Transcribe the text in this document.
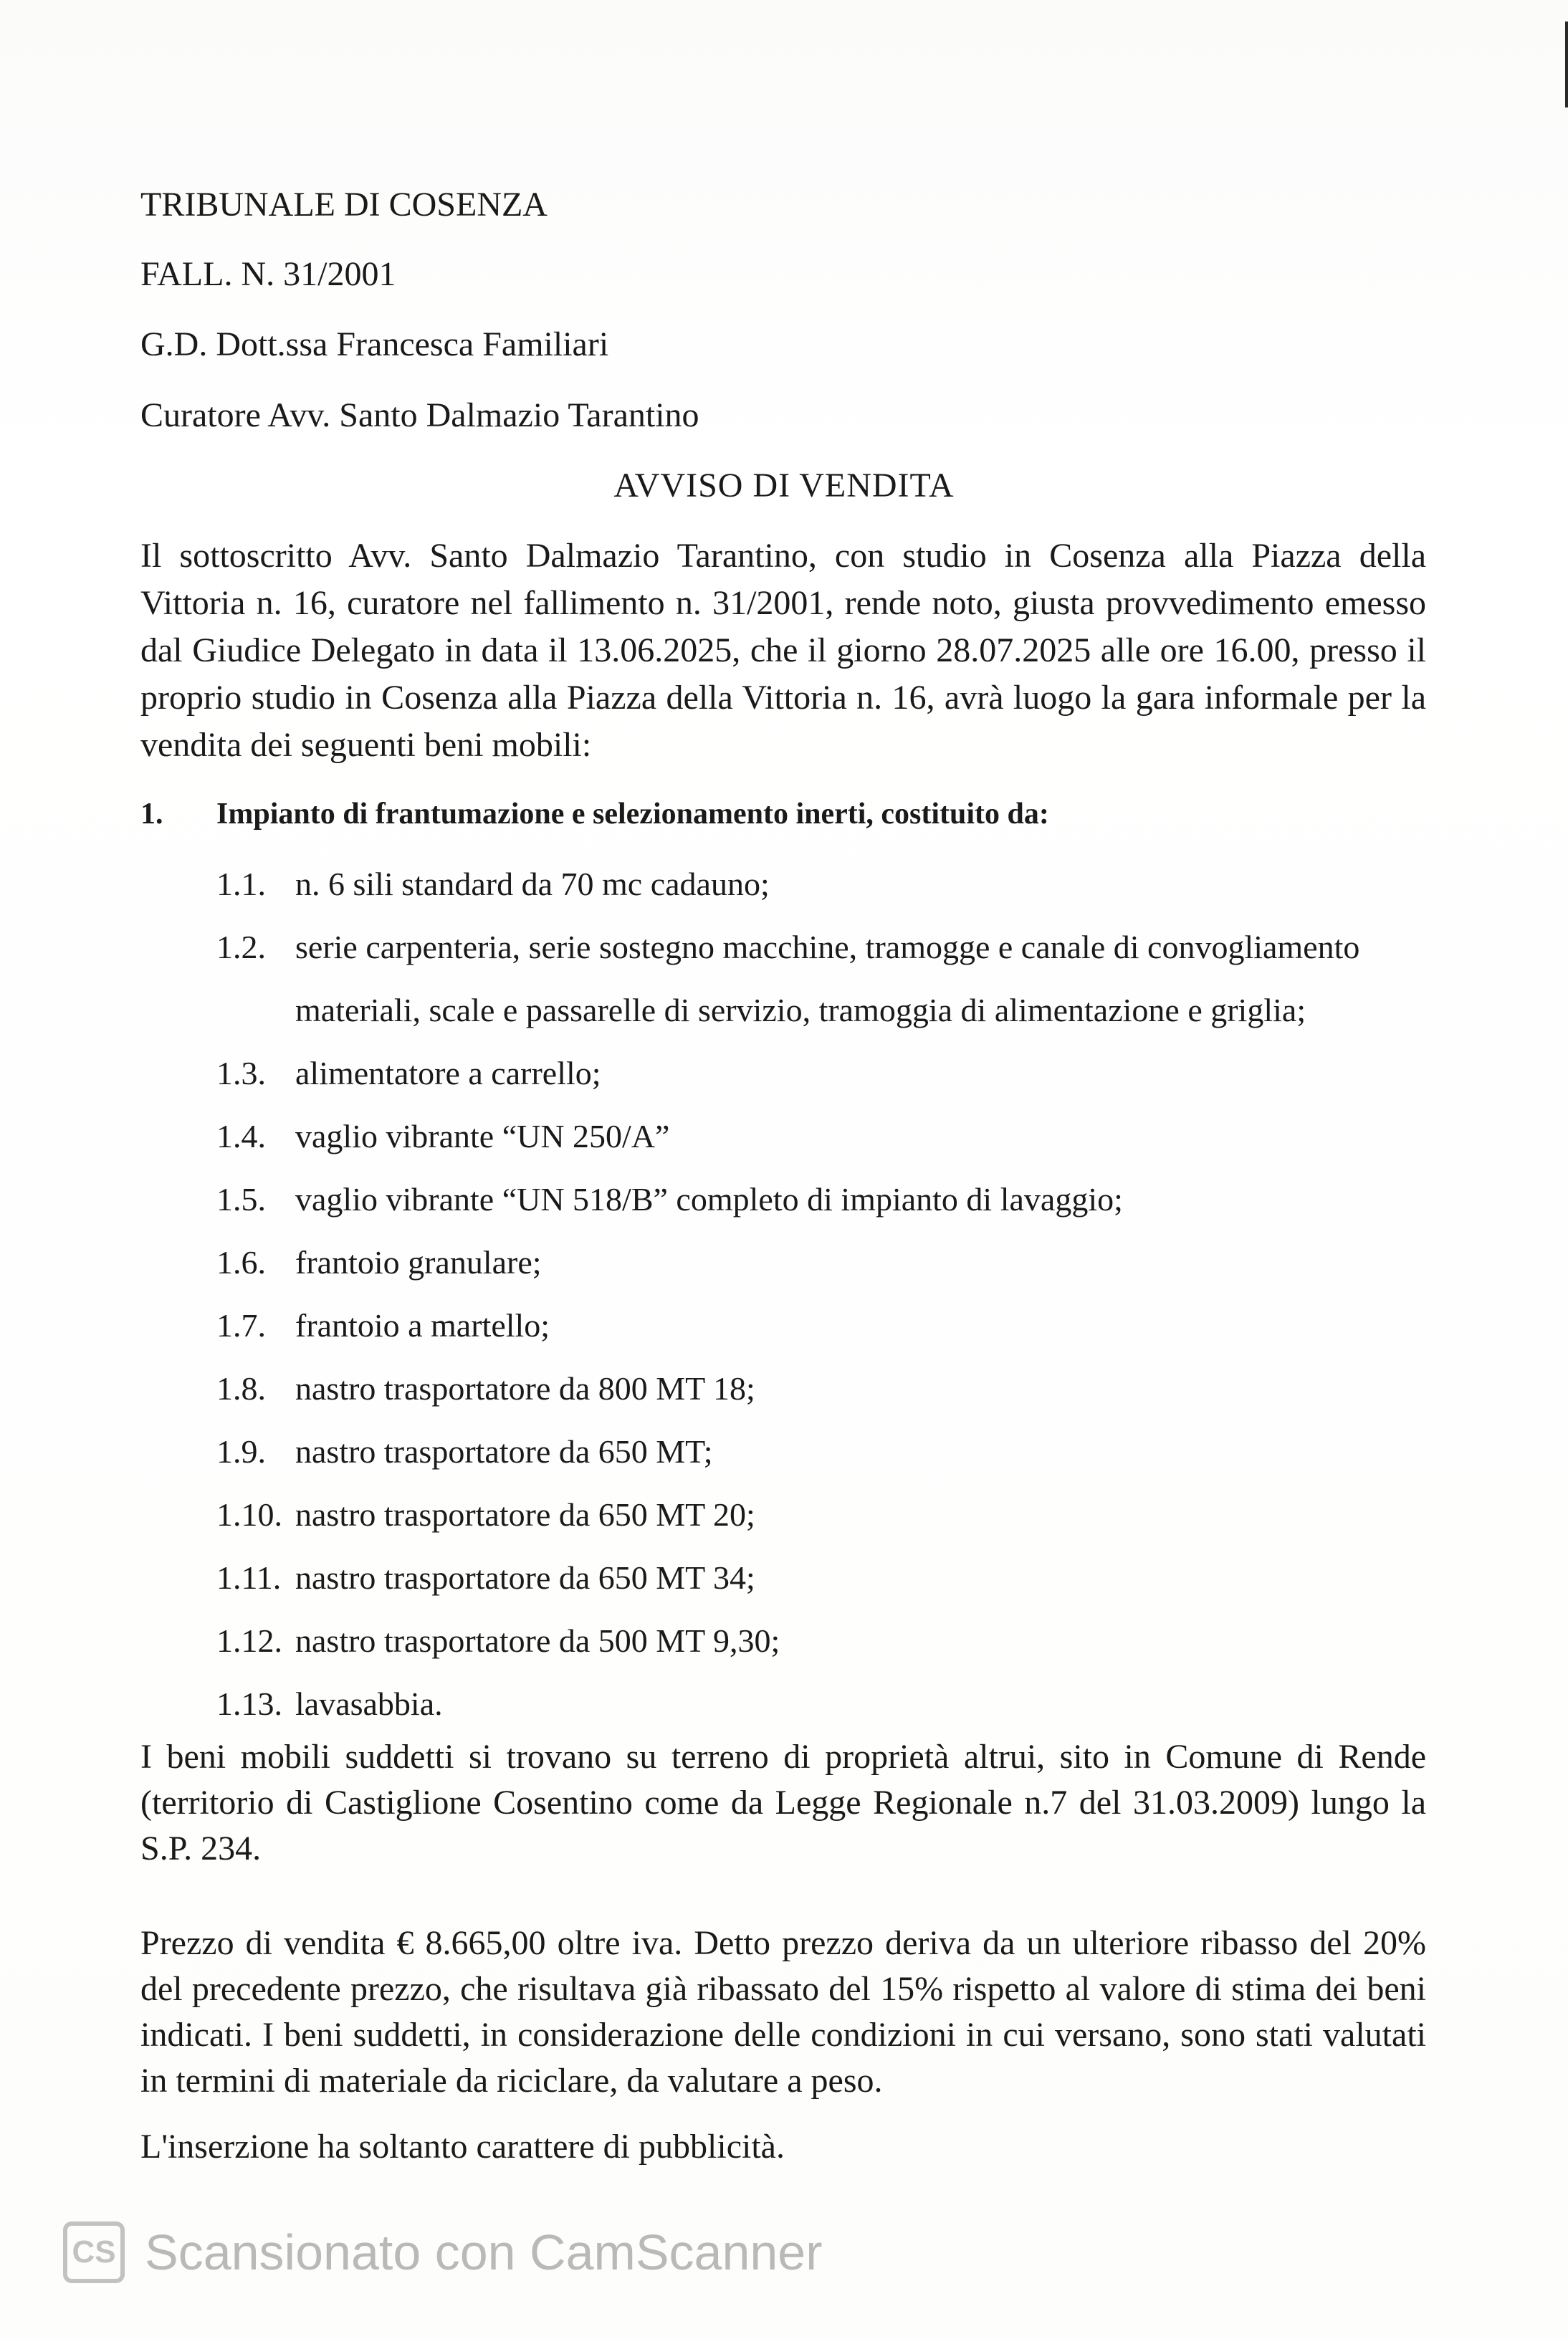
TRIBUNALE DI COSENZA
FALL. N. 31/2001
G.D. Dott.ssa Francesca Familiari
Curatore Avv. Santo Dalmazio Tarantino
AVVISO DI VENDITA
Il sottoscritto Avv. Santo Dalmazio Tarantino, con studio in Cosenza alla Piazza della Vittoria n. 16, curatore nel fallimento n. 31/2001, rende noto, giusta provvedimento emesso dal Giudice Delegato in data il 13.06.2025, che il giorno 28.07.2025 alle ore 16.00, presso il proprio studio in Cosenza alla Piazza della Vittoria n. 16, avrà luogo la gara informale per la vendita dei seguenti beni mobili:
1. Impianto di frantumazione e selezionamento inerti, costituito da:
1.1. n. 6 sili standard da 70 mc cadauno;
1.2. serie carpenteria, serie sostegno macchine, tramogge e canale di convogliamento materiali, scale e passarelle di servizio, tramoggia di alimentazione e griglia;
1.3. alimentatore a carrello;
1.4. vaglio vibrante “UN 250/A”
1.5. vaglio vibrante “UN 518/B” completo di impianto di lavaggio;
1.6. frantoio granulare;
1.7. frantoio a martello;
1.8. nastro trasportatore da 800 MT 18;
1.9. nastro trasportatore da 650 MT;
1.10. nastro trasportatore da 650 MT 20;
1.11. nastro trasportatore da 650 MT 34;
1.12. nastro trasportatore da 500 MT 9,30;
1.13. lavasabbia.
I beni mobili suddetti si trovano su terreno di proprietà altrui, sito in Comune di Rende (territorio di Castiglione Cosentino come da Legge Regionale n.7 del 31.03.2009) lungo la S.P. 234.
Prezzo di vendita € 8.665,00 oltre iva. Detto prezzo deriva da un ulteriore ribasso del 20% del precedente prezzo, che risultava già ribassato del 15% rispetto al valore di stima dei beni indicati. I beni suddetti, in considerazione delle condizioni in cui versano, sono stati valutati in termini di materiale da riciclare, da valutare a peso.
L'inserzione ha soltanto carattere di pubblicità.
CS Scansionato con CamScanner
